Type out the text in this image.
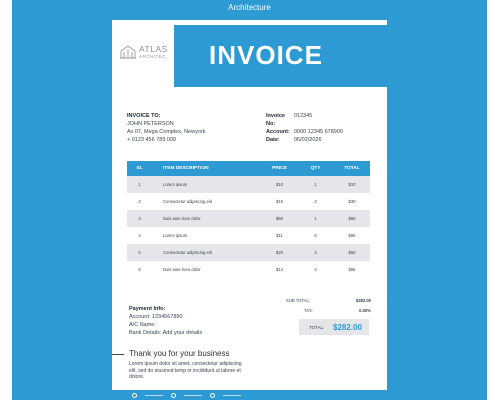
Architecture
ATLAS
ARCHITEC INVOICE
INVOICE TO:
JOHN PETERSON
Av 07, Mega Complex, Newyork
+ 0123 456 789 000
Invoice No:
012345
Account: 0000 12345 678900
Date:	06/02/2026
SL	ITEM DESCRIPTION	PRICE	QTY	TOTAL
1	Lorem ipsum	$10	1	$10
2	Consectetur adipiscing elit	$15	2	$30
3	Duis aute irure dolor	$60	1	$60
4	Lorem ipsum	$11	6	$66
5	Consectetur adipiscing elit	$20	3	$60
6	Duis aute irure dolor	$14	4	$56
SUB TOTAL:	$282.00
TAX:	0.00%
TOTAL:	$282.00
Payment Info:
Account: 1234567890
A/C Name:
Bank Details: Add your details
Thank you for your business
Lorem ipsum dolor sit amet, consectetur adipiscing elit, sed do eiusmod temp or incididunt ut labore et dolore.
